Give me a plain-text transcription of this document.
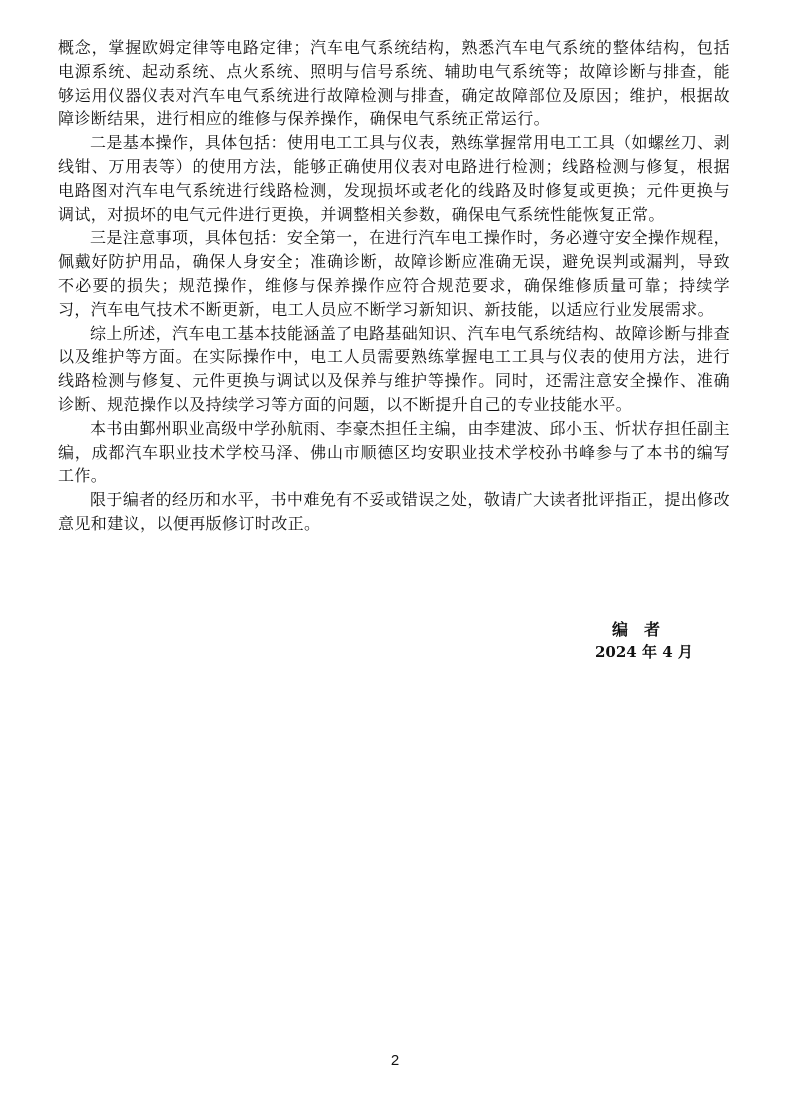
概念，掌握欧姆定律等电路定律；汽车电气系统结构，熟悉汽车电气系统的整体结构，包括电源系统、起动系统、点火系统、照明与信号系统、辅助电气系统等；故障诊断与排查，能够运用仪器仪表对汽车电气系统进行故障检测与排查，确定故障部位及原因；维护，根据故障诊断结果，进行相应的维修与保养操作，确保电气系统正常运行。

二是基本操作，具体包括：使用电工工具与仪表，熟练掌握常用电工工具（如螺丝刀、剥线钳、万用表等）的使用方法，能够正确使用仪表对电路进行检测；线路检测与修复，根据电路图对汽车电气系统进行线路检测，发现损坏或老化的线路及时修复或更换；元件更换与调试，对损坏的电气元件进行更换，并调整相关参数，确保电气系统性能恢复正常。

三是注意事项，具体包括：安全第一，在进行汽车电工操作时，务必遵守安全操作规程，佩戴好防护用品，确保人身安全；准确诊断，故障诊断应准确无误，避免误判或漏判，导致不必要的损失；规范操作，维修与保养操作应符合规范要求，确保维修质量可靠；持续学习，汽车电气技术不断更新，电工人员应不断学习新知识、新技能，以适应行业发展需求。

综上所述，汽车电工基本技能涵盖了电路基础知识、汽车电气系统结构、故障诊断与排查以及维护等方面。在实际操作中，电工人员需要熟练掌握电工工具与仪表的使用方法，进行线路检测与修复、元件更换与调试以及保养与维护等操作。同时，还需注意安全操作、准确诊断、规范操作以及持续学习等方面的问题，以不断提升自己的专业技能水平。

本书由鄞州职业高级中学孙航雨、李豪杰担任主编，由李建波、邱小玉、忻状存担任副主编，成都汽车职业技术学校马泽、佛山市顺德区均安职业技术学校孙书峰参与了本书的编写工作。

限于编者的经历和水平，书中难免有不妥或错误之处，敬请广大读者批评指正，提出修改意见和建议，以便再版修订时改正。

编　者
2024 年 4 月
2
